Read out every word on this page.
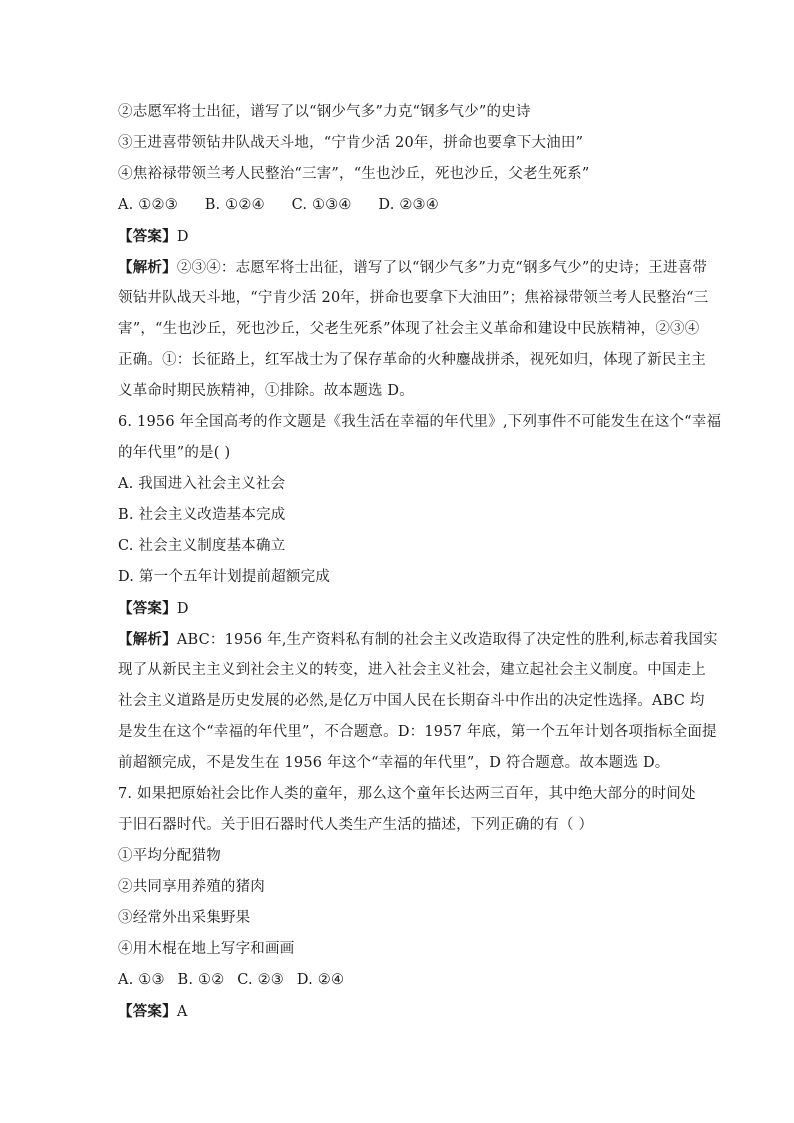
②志愿军将士出征，谱写了以“钢少气多”力克“钢多气少”的史诗
③王进喜带领钻井队战天斗地，“宁肯少活 20年，拼命也要拿下大油田”
④焦裕禄带领兰考人民整治“三害”，“生也沙丘，死也沙丘，父老生死系”
A. ①②③ B. ①②④ C. ①③④ D. ②③④
【答案】D
【解析】②③④：志愿军将士出征，谱写了以“钢少气多”力克“钢多气少”的史诗；王进喜带
领钻井队战天斗地，“宁肯少活 20年，拼命也要拿下大油田”；焦裕禄带领兰考人民整治“三
害”，“生也沙丘，死也沙丘，父老生死系”体现了社会主义革命和建设中民族精神，②③④
正确。①：长征路上，红军战士为了保存革命的火种鏖战拼杀，视死如归，体现了新民主主
义革命时期民族精神，①排除。故本题选 D。
6. 1956 年全国高考的作文题是《我生活在幸福的年代里》,下列事件不可能发生在这个“幸福
的年代里”的是( )
A. 我国进入社会主义社会
B. 社会主义改造基本完成
C. 社会主义制度基本确立
D. 第一个五年计划提前超额完成
【答案】D
【解析】ABC：1956 年,生产资料私有制的社会主义改造取得了决定性的胜利,标志着我国实
现了从新民主主义到社会主义的转变，进入社会主义社会，建立起社会主义制度。中国走上
社会主义道路是历史发展的必然,是亿万中国人民在长期奋斗中作出的决定性选择。ABC 均
是发生在这个“幸福的年代里”，不合题意。D：1957 年底，第一个五年计划各项指标全面提
前超额完成，不是发生在 1956 年这个“幸福的年代里”，D 符合题意。故本题选 D。
7. 如果把原始社会比作人类的童年，那么这个童年长达两三百年，其中绝大部分的时间处
于旧石器时代。关于旧石器时代人类生产生活的描述，下列正确的有（ ）
①平均分配猎物
②共同享用养殖的猪肉
③经常外出采集野果
④用木棍在地上写字和画画
A. ①③ B. ①② C. ②③ D. ②④
【答案】A
